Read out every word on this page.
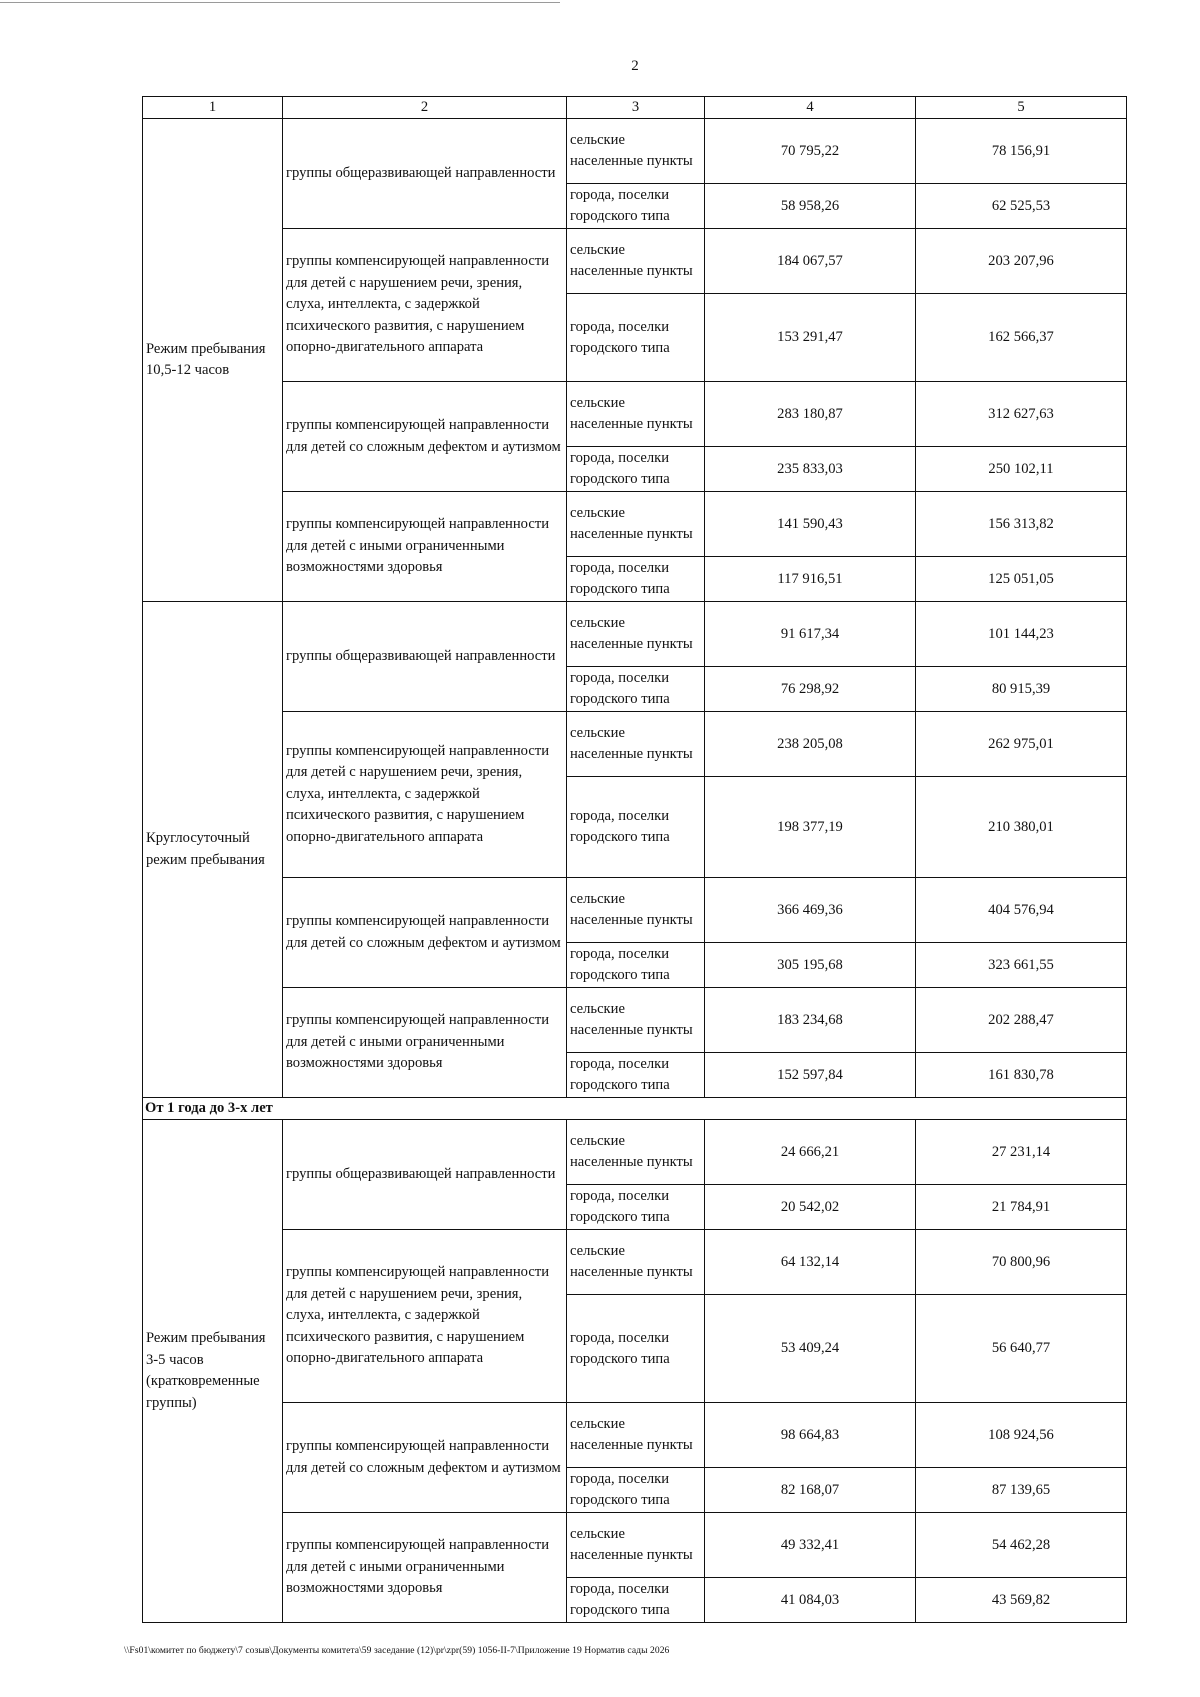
2
1	2	3	4	5
Режим пребывания 10,5-12 часов	группы общеразвивающей направленности	сельские населенные пункты	70 795,22	78 156,91
		города, поселки городского типа	58 958,26	62 525,53
	группы компенсирующей направленности для детей с нарушением речи, зрения, слуха, интеллекта, с задержкой психического развития, с нарушением опорно-двигательного аппарата	сельские населенные пункты	184 067,57	203 207,96
		города, поселки городского типа	153 291,47	162 566,37
	группы компенсирующей направленности для детей со сложным дефектом и аутизмом	сельские населенные пункты	283 180,87	312 627,63
		города, поселки городского типа	235 833,03	250 102,11
	группы компенсирующей направленности для детей с иными ограниченными возможностями здоровья	сельские населенные пункты	141 590,43	156 313,82
		города, поселки городского типа	117 916,51	125 051,05
Круглосуточный режим пребывания	группы общеразвивающей направленности	сельские населенные пункты	91 617,34	101 144,23
		города, поселки городского типа	76 298,92	80 915,39
	группы компенсирующей направленности для детей с нарушением речи, зрения, слуха, интеллекта, с задержкой психического развития, с нарушением опорно-двигательного аппарата	сельские населенные пункты	238 205,08	262 975,01
		города, поселки городского типа	198 377,19	210 380,01
	группы компенсирующей направленности для детей со сложным дефектом и аутизмом	сельские населенные пункты	366 469,36	404 576,94
		города, поселки городского типа	305 195,68	323 661,55
	группы компенсирующей направленности для детей с иными ограниченными возможностями здоровья	сельские населенные пункты	183 234,68	202 288,47
		города, поселки городского типа	152 597,84	161 830,78
От 1 года до 3-х лет				
Режим пребывания 3-5 часов (кратковременные группы)	группы общеразвивающей направленности	сельские населенные пункты	24 666,21	27 231,14
		города, поселки городского типа	20 542,02	21 784,91
	группы компенсирующей направленности для детей с нарушением речи, зрения, слуха, интеллекта, с задержкой психического развития, с нарушением опорно-двигательного аппарата	сельские населенные пункты	64 132,14	70 800,96
		города, поселки городского типа	53 409,24	56 640,77
	группы компенсирующей направленности для детей со сложным дефектом и аутизмом	сельские населенные пункты	98 664,83	108 924,56
		города, поселки городского типа	82 168,07	87 139,65
	группы компенсирующей направленности для детей с иными ограниченными возможностями здоровья	сельские населенные пункты	49 332,41	54 462,28
		города, поселки городского типа	41 084,03	43 569,82
\\Fs01\комитет по бюджету\7 созыв\Документы комитета\59 заседание (12)\pr\zpr(59) 1056-II-7\Приложение 19 Норматив сады 2026
